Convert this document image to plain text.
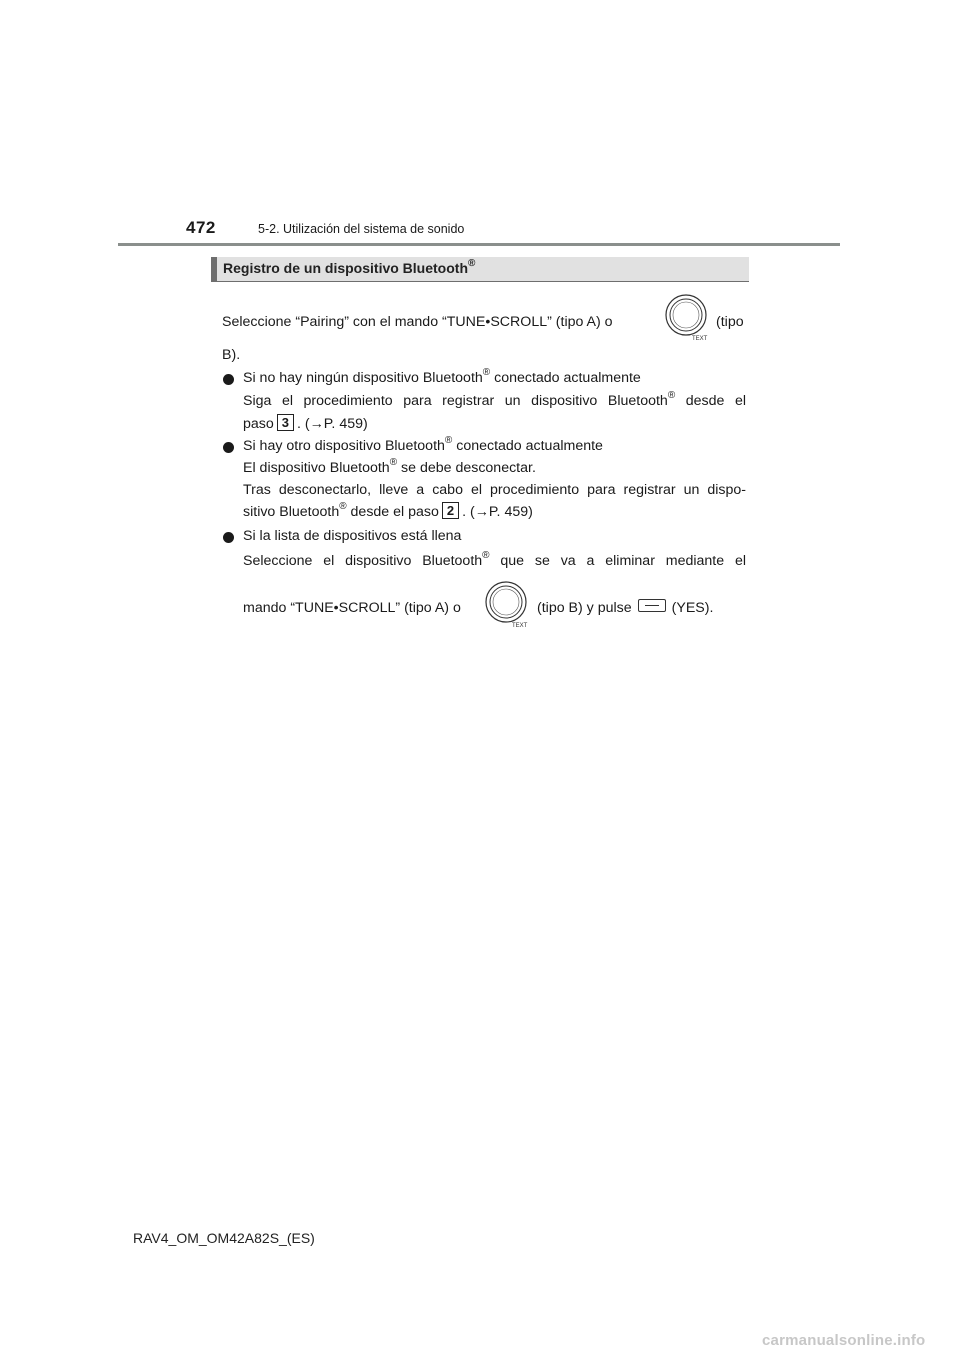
472	5-2. Utilización del sistema de sonido
Registro de un dispositivo Bluetooth®
Seleccione “Pairing” con el mando “TUNE•SCROLL” (tipo A) o
TEXT
(tipo
B).
Si no hay ningún dispositivo Bluetooth® conectado actualmente
Siga el procedimiento para registrar un dispositivo Bluetooth® desde el
paso 3 . (→P. 459)
Si hay otro dispositivo Bluetooth® conectado actualmente
El dispositivo Bluetooth® se debe desconectar.
Tras desconectarlo, lleve a cabo el procedimiento para registrar un dispo-
sitivo Bluetooth® desde el paso 2 . (→P. 459)
Si la lista de dispositivos está llena
Seleccione el dispositivo Bluetooth® que se va a eliminar mediante el
mando “TUNE•SCROLL” (tipo A) o
TEXT
(tipo B) y pulse	(YES).
RAV4_OM_OM42A82S_(ES)
carmanualsonline.info
